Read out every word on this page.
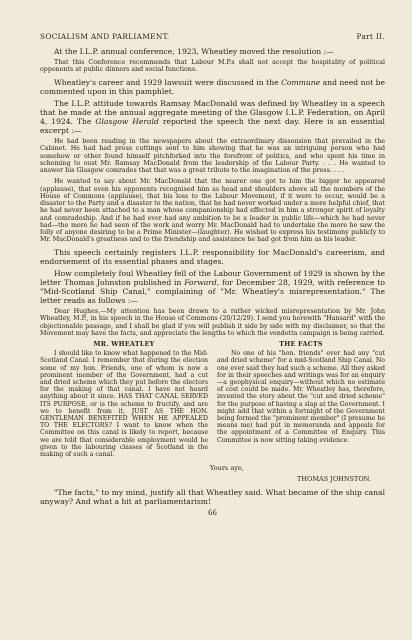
SOCIALISM AND PARLIAMENT.	Part II.

At the I.L.P. annual conference, 1923, Wheatley moved the resolution :—

That this Conference recommends that Labour M.P.s shall not accept the hospitality of political opponents at public dinners and social functions.

Wheatley's career and 1929 lawsuit were discussed in the Commune and need not be commented upon in this pamphlet.

The I.L.P. attitude towards Ramsay MacDonald was defined by Wheatley in a speech that he made at the annual aggregate meeting of the Glasgow I.L.P. Federation, on April 4, 1924. The Glasgow Herald reported the speech the next day. Here is an essential excerpt :—

He had been reading in the newspapers about the extraordinary dissension that prevailed in the Cabinet. He had had press cuttings sent to him showing that he was an intriguing person who had somehow or other found himself pitchforked into the forefront of politics, and who spent his time in scheming to oust Mr. Ramsay MacDonald from the leadership of the Labour Party. . . . He wanted to answer his Glasgow comrades that that was a great tribute to the imagination of the press. . . .

He wanted to say about Mr. MacDonald that the nearer one got to him the bigger he appeared (applause), that even his opponents recognised him as head and shoulders above all the members of the House of Commons (applause), that his loss to the Labour Movement, if it were to occur, would be a disaster to the Party and a disaster to the nation, that he had never worked under a more helpful chief, that he had never been attached to a man whose companionship had effected in him a stronger spirit of loyalty and comradeship. And if he had ever had any ambition to be a leader in public life—which he had never had—the more he had seen of the work and worry Mr. MacDonald had to undertake the more he saw the folly of anyone desiring to be a Prime Minister—(laughter). He wished to express his testimony publicly to Mr. MacDonald's greatness and to the friendship and assistance he had got from him as his leader.

This speech certainly registers I.L.P. responsibility for MacDonald's careerism, and endorsement of its essential phases and stages.

How completely foul Wheatley fell of the Labour Government of 1929 is shown by the letter Thomas Johnston published in Forward, for December 28, 1929, with reference to "Mid-Scotland Ship Canal," complaining of "Mr. Wheatley's misrepresentation." The letter reads as follows :—

Dear Hughes,—My attention has been drawn to a rather wicked misrepresentation by Mr. John Wheatley, M.P., in his speech in the House of Commons (20/12/29). I send you herewith "Hansard" with the objectionable passage, and I shall be glad if you will publish it side by side with my disclaimer, so that the Movement may have the facts, and appreciate the lengths to which the vendetta campaign is being carried.

MR. WHEATLEY

I should like to know what happened to the Mid-Scotland Canal. I remember that during the election some of my hon. Friends, one of whom is now a prominent member of the Government, had a cut and dried scheme which they put before the electors for the making of that canal. I have not heard anything about it since. HAS THAT CANAL SERVED ITS PURPOSE, or is the scheme to fructify, and are we to benefit from it, JUST AS THE HON. GENTLEMAN BENEFITED WHEN HE APPEALED TO THE ELECTORS? I want to know when the Committee on this canal is likely to report, because we are told that considerable employment would be given to the labouring classes of Scotland in the making of such a canal.

THE FACTS

No one of his "hon. friends" ever had any "cut and dried scheme" for a mid-Scotland Ship Canal. No one ever said they had such a scheme. All they asked for in their speeches and writings was for an enquiry—a geophysical enquiry—without which no estimate of cost could be made. Mr. Wheatley has, therefore, invented the story about the "cut and dried scheme" for the purpose of having a slap at the Government. I might add that within a fortnight of the Government being formed the "prominent member" (I presume he means me) had put in memoranda and appeals for the appointment of a Committee of Enquiry. This Committee is now sitting taking evidence.

Yours aye,
THOMAS JOHNSTON.

"The facts," to my mind, justify all that Wheatley said. What became of the ship canal anyway? And what a hit at parliamentarism!

66
